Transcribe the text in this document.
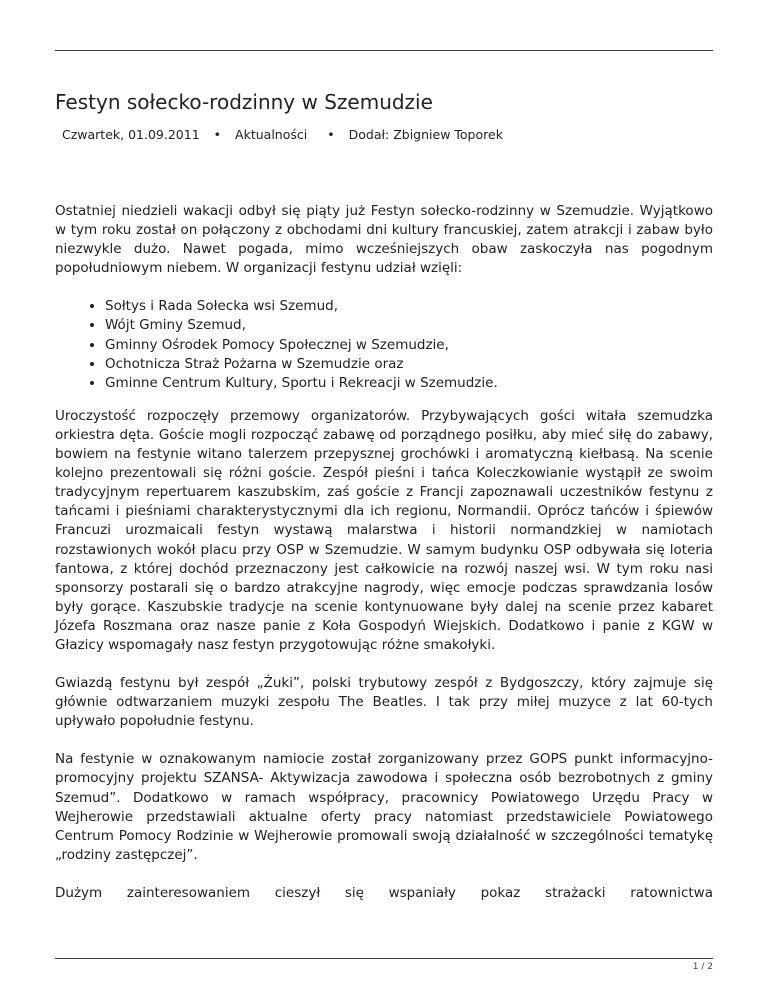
Festyn sołecko-rodzinny w Szemudzie
Czwartek, 01.09.2011 • Aktualności • Dodał: Zbigniew Toporek

Ostatniej niedzieli wakacji odbył się piąty już Festyn sołecko-rodzinny w Szemudzie. Wyjątkowo w tym roku został on połączony z obchodami dni kultury francuskiej, zatem atrakcji i zabaw było niezwykle dużo. Nawet pogada, mimo wcześniejszych obaw zaskoczyła nas pogodnym popołudniowym niebem. W organizacji festynu udział wzięli:

• Sołtys i Rada Sołecka wsi Szemud,
• Wójt Gminy Szemud,
• Gminny Ośrodek Pomocy Społecznej w Szemudzie,
• Ochotnicza Straż Pożarna w Szemudzie oraz
• Gminne Centrum Kultury, Sportu i Rekreacji w Szemudzie.

Uroczystość rozpoczęły przemowy organizatorów. Przybywających gości witała szemudzka orkiestra dęta. Goście mogli rozpocząć zabawę od porządnego posiłku, aby mieć siłę do zabawy, bowiem na festynie witano talerzem przepysznej grochówki i aromatyczną kiełbasą. Na scenie kolejno prezentowali się różni goście. Zespół pieśni i tańca Koleczkowianie wystąpił ze swoim tradycyjnym repertuarem kaszubskim, zaś goście z Francji zapoznawali uczestników festynu z tańcami i pieśniami charakterystycznymi dla ich regionu, Normandii. Oprócz tańców i śpiewów Francuzi urozmaicali festyn wystawą malarstwa i historii normandzkiej w namiotach rozstawionych wokół placu przy OSP w Szemudzie. W samym budynku OSP odbywała się loteria fantowa, z której dochód przeznaczony jest całkowicie na rozwój naszej wsi. W tym roku nasi sponsorzy postarali się o bardzo atrakcyjne nagrody, więc emocje podczas sprawdzania losów były gorące. Kaszubskie tradycje na scenie kontynuowane były dalej na scenie przez kabaret Józefa Roszmana oraz nasze panie z Koła Gospodyń Wiejskich. Dodatkowo i panie z KGW w Głazicy wspomagały nasz festyn przygotowując różne smakołyki.

Gwiazdą festynu był zespół „Żuki”, polski trybutowy zespół z Bydgoszczy, który zajmuje się głównie odtwarzaniem muzyki zespołu The Beatles. I tak przy miłej muzyce z lat 60-tych upływało popołudnie festynu.

Na festynie w oznakowanym namiocie został zorganizowany przez GOPS punkt informacyjno-promocyjny projektu SZANSA- Aktywizacja zawodowa i społeczna osób bezrobotnych z gminy Szemud”. Dodatkowo w ramach współpracy, pracownicy Powiatowego Urzędu Pracy w Wejherowie przedstawiali aktualne oferty pracy natomiast przedstawiciele Powiatowego Centrum Pomocy Rodzinie w Wejherowie promowali swoją działalność w szczególności tematykę „rodziny zastępczej”.

Dużym zainteresowaniem cieszył się wspaniały pokaz strażacki ratownictwa

1 / 2
